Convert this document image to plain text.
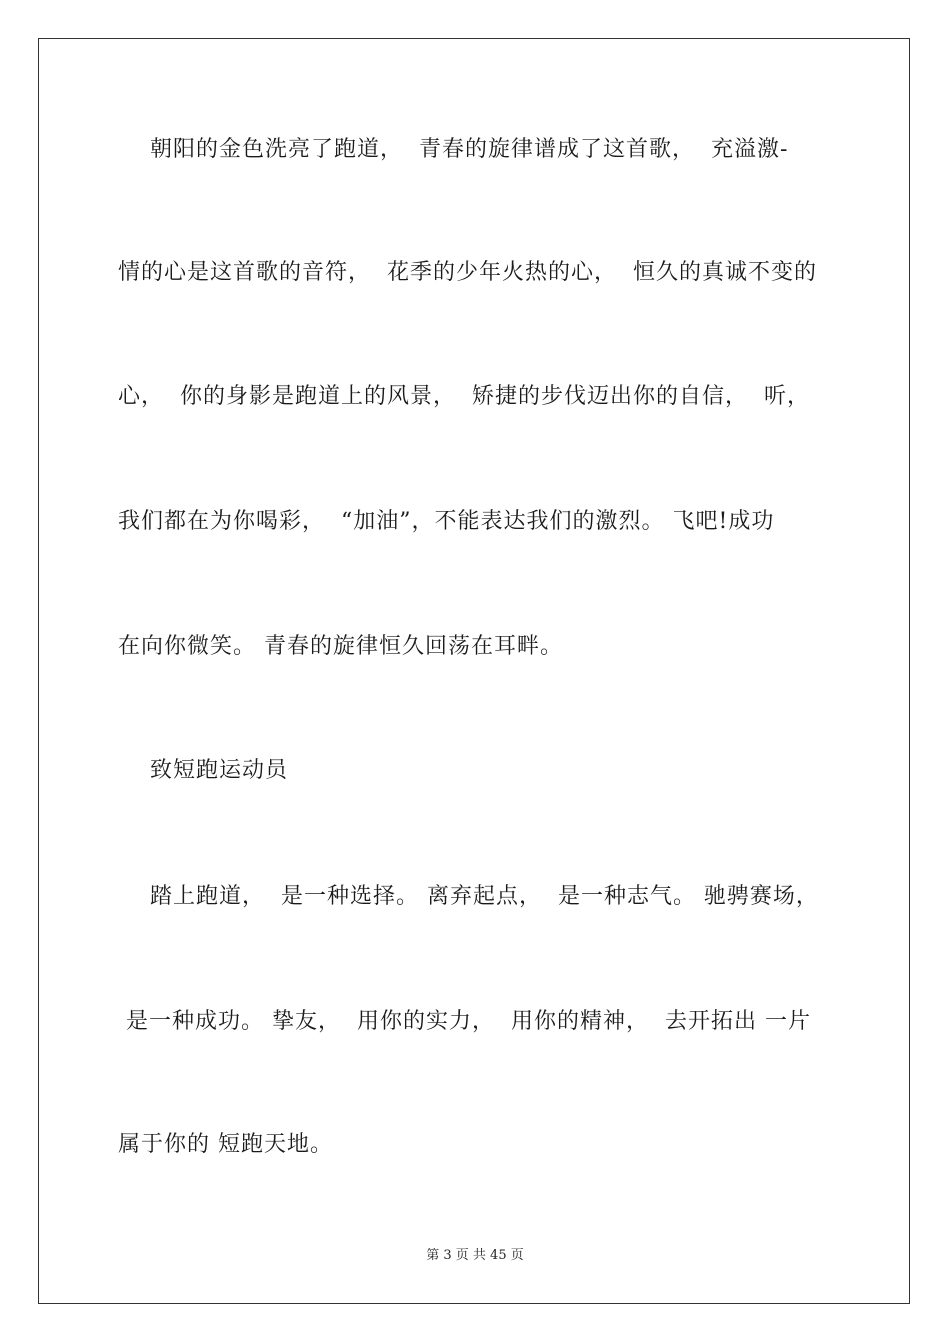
朝阳的金色洗亮了跑道，  青春的旋律谱成了这首歌，  充溢激-
情的心是这首歌的音符，  花季的少年火热的心，  恒久的真诚不变的
心，  你的身影是跑道上的风景，  矫捷的步伐迈出你的自信，  听，
我们都在为你喝彩，  “加油”，不能表达我们的激烈。 飞吧!成功
在向你微笑。 青春的旋律恒久回荡在耳畔。
致短跑运动员
踏上跑道，  是一种选择。 离弃起点，  是一种志气。 驰骋赛场，
是一种成功。 挚友，  用你的实力，  用你的精神，  去开拓出 一片
属于你的 短跑天地。
第 3 页 共 45 页
